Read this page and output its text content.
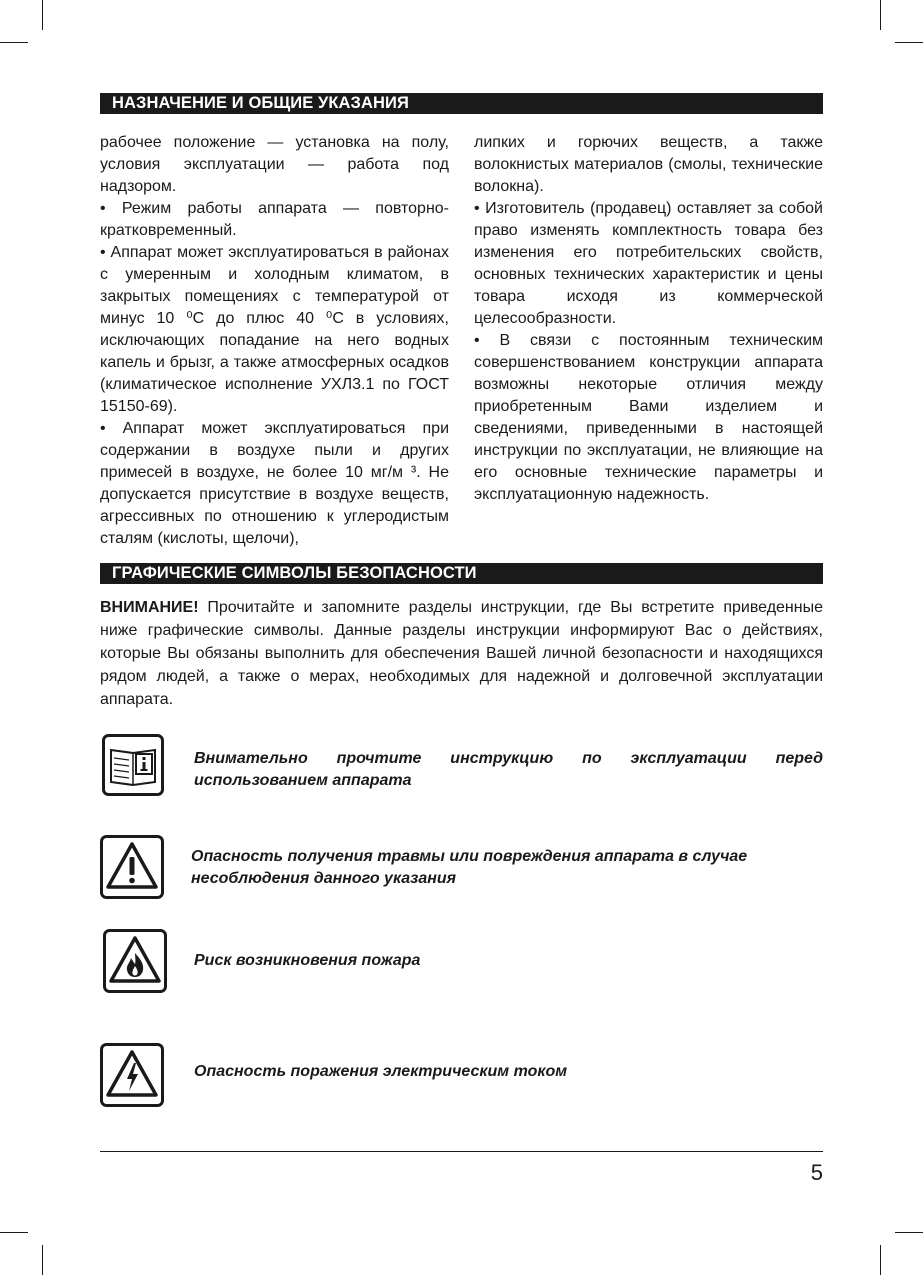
НАЗНАЧЕНИЕ И ОБЩИЕ УКАЗАНИЯ

рабочее положение — установка на полу, условия эксплуатации — работа под надзором.

• Режим работы аппарата — повторно-кратковременный.

• Аппарат может эксплуатироваться в районах с умеренным и холодным климатом, в закрытых помещениях с температурой от минус 10 ⁰С до плюс 40 ⁰С в условиях, исключающих попадание на него водных капель и брызг, а также атмосферных осадков (климатическое исполнение УХЛ3.1 по ГОСТ 15150-69).

• Аппарат может эксплуатироваться при содержании в воздухе пыли и других примесей в воздухе, не более 10 мг/м ³. Не допускается присутствие в воздухе веществ, агрессивных по отношению к углеродистым сталям (кислоты, щелочи),

липких и горючих веществ, а также волокнистых материалов (смолы, технические волокна).

• Изготовитель (продавец) оставляет за собой право изменять комплектность товара без изменения его потребительских свойств, основных технических характеристик и цены товара исходя из коммерческой целесообразности.

• В связи с постоянным техническим совершенствованием конструкции аппарата возможны некоторые отличия между приобретенным Вами изделием и сведениями, приведенными в настоящей инструкции по эксплуатации, не влияющие на его основные технические параметры и эксплуатационную надежность.

ГРАФИЧЕСКИЕ СИМВОЛЫ БЕЗОПАСНОСТИ

ВНИМАНИЕ! Прочитайте и запомните разделы инструкции, где Вы встретите приведенные ниже графические символы. Данные разделы инструкции информируют Вас о действиях, которые Вы обязаны выполнить для обеспечения Вашей личной безопасности и находящихся рядом людей, а также о мерах, необходимых для надежной и долговечной эксплуатации аппарата.

Внимательно прочтите инструкцию по эксплуатации перед использованием аппарата

Опасность получения травмы или повреждения аппарата в случае несоблюдения данного указания

Риск возникновения пожара

Опасность поражения электрическим током

5
